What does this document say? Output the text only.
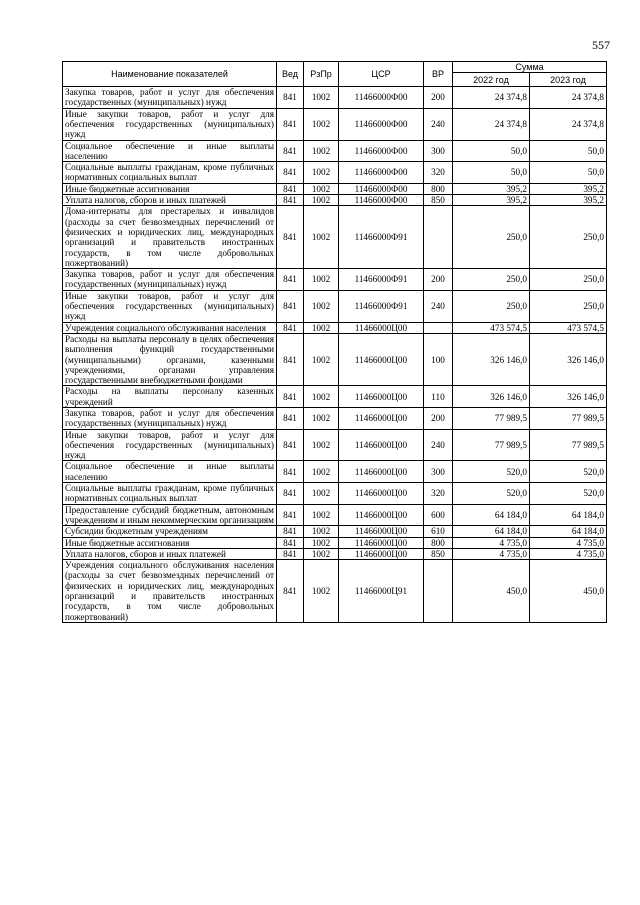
557
Наименование показателей	Вед	РзПр	ЦСР	ВР	Сумма	
					2022 год	2023 год
Закупка товаров, работ и услуг для обеспечения государственных (муниципальных) нужд	841	1002	11466000Ф00	200	24 374,8	24 374,8
Иные закупки товаров, работ и услуг для обеспечения государственных (муниципальных) нужд	841	1002	11466000Ф00	240	24 374,8	24 374,8
Социальное обеспечение и иные выплаты населению	841	1002	11466000Ф00	300	50,0	50,0
Социальные выплаты гражданам, кроме публичных нормативных социальных выплат	841	1002	11466000Ф00	320	50,0	50,0
Иные бюджетные ассигнования	841	1002	11466000Ф00	800	395,2	395,2
Уплата налогов, сборов и иных платежей	841	1002	11466000Ф00	850	395,2	395,2
Дома-интернаты для престарелых и инвалидов (расходы за счет безвозмездных перечислений от физических и юридических лиц, международных организаций и правительств иностранных государств, в том числе добровольных пожертвований)	841	1002	11466000Ф91		250,0	250,0
Закупка товаров, работ и услуг для обеспечения государственных (муниципальных) нужд	841	1002	11466000Ф91	200	250,0	250,0
Иные закупки товаров, работ и услуг для обеспечения государственных (муниципальных) нужд	841	1002	11466000Ф91	240	250,0	250,0
Учреждения социального обслуживания населения	841	1002	11466000Ц00		473 574,5	473 574,5
Расходы на выплаты персоналу в целях обеспечения выполнения функций государственными (муниципальными) органами, казенными учреждениями, органами управления государственными внебюджетными фондами	841	1002	11466000Ц00	100	326 146,0	326 146,0
Расходы на выплаты персоналу казенных учреждений	841	1002	11466000Ц00	110	326 146,0	326 146,0
Закупка товаров, работ и услуг для обеспечения государственных (муниципальных) нужд	841	1002	11466000Ц00	200	77 989,5	77 989,5
Иные закупки товаров, работ и услуг для обеспечения государственных (муниципальных) нужд	841	1002	11466000Ц00	240	77 989,5	77 989,5
Социальное обеспечение и иные выплаты населению	841	1002	11466000Ц00	300	520,0	520,0
Социальные выплаты гражданам, кроме публичных нормативных социальных выплат	841	1002	11466000Ц00	320	520,0	520,0
Предоставление субсидий бюджетным, автономным учреждениям и иным некоммерческим организациям	841	1002	11466000Ц00	600	64 184,0	64 184,0
Субсидии бюджетным учреждениям	841	1002	11466000Ц00	610	64 184,0	64 184,0
Иные бюджетные ассигнования	841	1002	11466000Ц00	800	4 735,0	4 735,0
Уплата налогов, сборов и иных платежей	841	1002	11466000Ц00	850	4 735,0	4 735,0
Учреждения социального обслуживания населения (расходы за счет безвозмездных перечислений от физических и юридических лиц, международных организаций и правительств иностранных государств, в том числе добровольных пожертвований)	841	1002	11466000Ц91		450,0	450,0
